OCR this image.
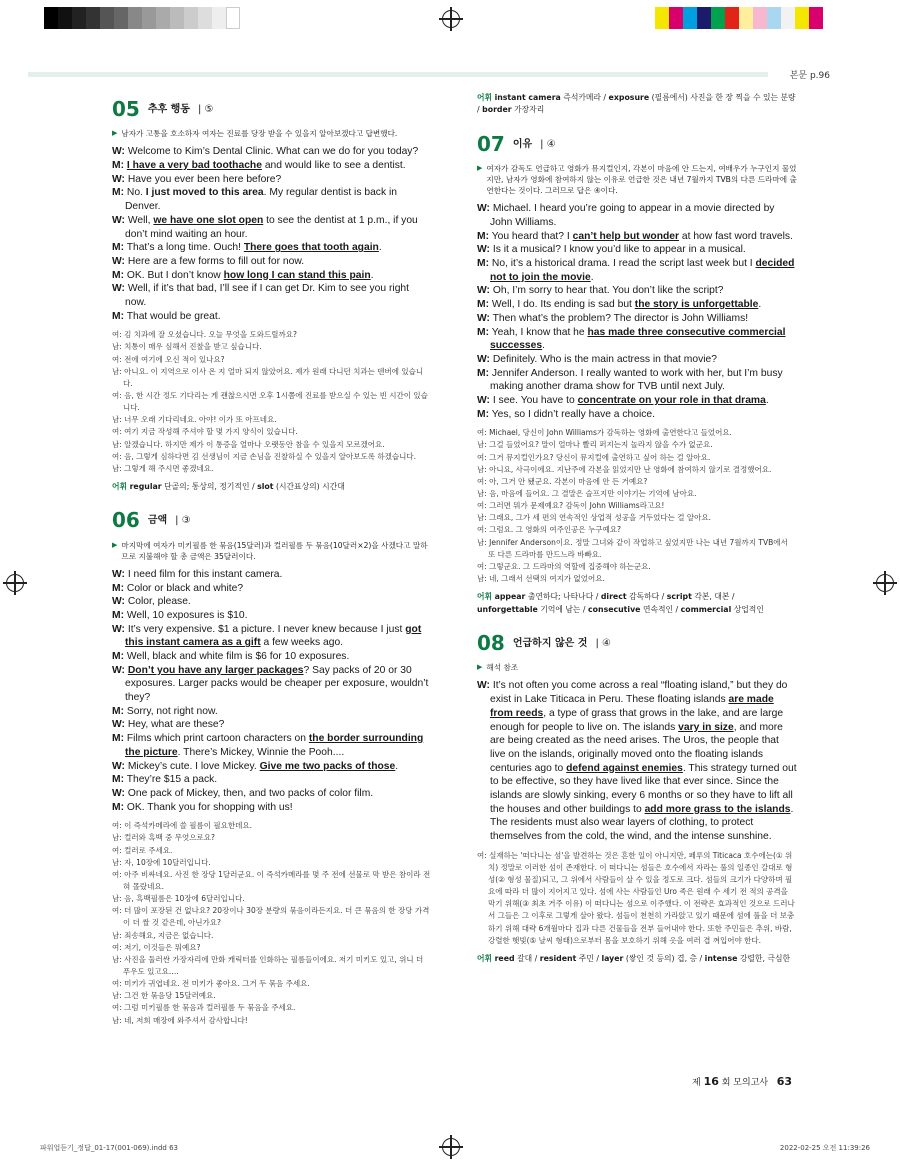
본문 p.96
05 추후 행동 | ⑤
▶ 남자가 고통을 호소하자 여자는 진료를 당장 받을 수 있을지 알아보겠다고 답변했다.

W: Welcome to Kim’s Dental Clinic. What can we do for you today?

M: I have a very bad toothache and would like to see a dentist.

W: Have you ever been here before?

M: No. I just moved to this area. My regular dentist is back in Denver.

W: Well, we have one slot open to see the dentist at 1 p.m., if you don’t mind waiting an hour.

M: That’s a long time. Ouch! There goes that tooth again.

W: Here are a few forms to fill out for now.

M: OK. But I don’t know how long I can stand this pain.

W: Well, if it’s that bad, I’ll see if I can get Dr. Kim to see you right now.

M: That would be great.

여: 김 치과에 잘 오셨습니다. 오늘 무엇을 도와드릴까요?

남: 치통이 매우 심해서 진찰을 받고 싶습니다.

여: 전에 여기에 오신 적이 있나요?

남: 아니요. 이 지역으로 이사 온 지 얼마 되지 않았어요. 제가 원래 다니던 치과는 덴버에 있습니다.

여: 음, 한 시간 정도 기다리는 게 괜찮으시면 오후 1시쯤에 진료를 받으실 수 있는 빈 시간이 있습니다.

남: 너무 오래 기다리네요. 아야! 이가 또 아프네요.

여: 여기 지금 작성해 주셔야 할 몇 가지 양식이 있습니다.

남: 알겠습니다. 하지만 제가 이 통증을 얼마나 오랫동안 참을 수 있을지 모르겠어요.

여: 음, 그렇게 심하다면 김 선생님이 지금 손님을 진찰하실 수 있을지 알아보도록 하겠습니다.

남: 그렇게 해 주시면 좋겠네요.

어휘 regular 단골의; 통상의, 정기적인 / slot (시간표상의) 시간대
06 금액 | ③
▶ 마지막에 여자가 미키필름 한 묶음(15달러)과 컬러필름 두 묶음(10달러×2)을 사겠다고 말하므로 지불해야 할 총 금액은 35달러이다.

W: I need film for this instant camera.

M: Color or black and white?

W: Color, please.

M: Well, 10 exposures is $10.

W: It’s very expensive. $1 a picture. I never knew because I just got this instant camera as a gift a few weeks ago.

M: Well, black and white film is $6 for 10 exposures.

W: Don’t you have any larger packages? Say packs of 20 or 30 exposures. Larger packs would be cheaper per exposure, wouldn’t they?

M: Sorry, not right now.

W: Hey, what are these?

M: Films which print cartoon characters on the border surrounding the picture. There’s Mickey, Winnie the Pooh....

W: Mickey’s cute. I love Mickey. Give me two packs of those.

M: They’re $15 a pack.

W: One pack of Mickey, then, and two packs of color film.

M: OK. Thank you for shopping with us!

여: 이 즉석카메라에 쓸 필름이 필요한데요.

남: 컬러와 흑백 중 무엇으로요?

여: 컬러로 주세요.

남: 자, 10장에 10달러입니다.

여: 아주 비싸네요. 사진 한 장당 1달러군요. 이 즉석카메라를 몇 주 전에 선물로 막 받은 참이라 전혀 몰랐네요.

남: 음, 흑백필름은 10장에 6달러입니다.

여: 더 많이 포장된 건 없나요? 20장이나 30장 분량의 묶음이라든지요. 더 큰 묶음의 한 장당 가격이 더 쌀 것 같은데, 아닌가요?

남: 죄송해요, 지금은 없습니다.

여: 저기, 이것들은 뭐예요?

남: 사진을 둘러싼 가장자리에 만화 캐릭터를 인화하는 필름들이에요. 저기 미키도 있고, 위니 더 푸우도 있고요….

여: 미키가 귀엽네요. 전 미키가 좋아요. 그거 두 묶음 주세요.

남: 그건 한 묶음당 15달러예요.

여: 그럼 미키필름 한 묶음과 컬러필름 두 묶음을 주세요.

남: 네, 저희 매장에 와주셔서 감사합니다!

어휘 instant camera 즉석카메라 / exposure (필름에서) 사진을 한 장 찍을 수 있는 분량 / border 가장자리
07 이유 | ④
▶ 여자가 감독도 언급하고 영화가 뮤지컬인지, 각본이 마음에 안 드는지, 여배우가 누구인지 물었지만, 남자가 영화에 참여하지 않는 이유로 언급한 것은 내년 7월까지 TVB의 다른 드라마에 출연한다는 것이다. 그러므로 답은 ④이다.

W: Michael. I heard you’re going to appear in a movie directed by John Williams.

M: You heard that? I can’t help but wonder at how fast word travels.

W: Is it a musical? I know you’d like to appear in a musical.

M: No, it’s a historical drama. I read the script last week but I decided not to join the movie.

W: Oh, I’m sorry to hear that. You don’t like the script?

M: Well, I do. Its ending is sad but the story is unforgettable.

W: Then what’s the problem? The director is John Williams!

M: Yeah, I know that he has made three consecutive commercial successes.

W: Definitely. Who is the main actress in that movie?

M: Jennifer Anderson. I really wanted to work with her, but I’m busy making another drama show for TVB until next July.

W: I see. You have to concentrate on your role in that drama.

M: Yes, so I didn’t really have a choice.

여: Michael, 당신이 John Williams가 감독하는 영화에 출연한다고 들었어요.

남: 그걸 들었어요? 말이 얼마나 빨리 퍼지는지 놀라지 않을 수가 없군요.

여: 그거 뮤지컬인가요? 당신이 뮤지컬에 출연하고 싶어 하는 걸 알아요.

남: 아니요, 사극이에요. 지난주에 각본을 읽었지만 난 영화에 참여하지 않기로 결정했어요.

여: 아, 그거 안 됐군요. 각본이 마음에 안 든 거예요?

남: 음, 마음에 들어요. 그 결말은 슬프지만 이야기는 기억에 남아요.

여: 그러면 뭐가 문제예요? 감독이 John Williams라고요!

남: 그래요, 그가 세 편의 연속적인 상업적 성공을 거두었다는 걸 알아요.

여: 그럼요. 그 영화의 여주인공은 누구예요?

남: Jennifer Anderson이요. 정말 그녀와 같이 작업하고 싶었지만 나는 내년 7월까지 TVB에서 또 다른 드라마를 만드느라 바빠요.

여: 그렇군요. 그 드라마의 역할에 집중해야 하는군요.

남: 네, 그래서 선택의 여지가 없었어요.

어휘 appear 출연하다; 나타나다 / direct 감독하다 / script 각본, 대본 / unforgettable 기억에 남는 / consecutive 연속적인 / commercial 상업적인
08 언급하지 않은 것 | ④
▶ 해석 참조

W: It’s not often you come across a real “floating island,” but they do exist in Lake Titicaca in Peru. These floating islands are made from reeds, a type of grass that grows in the lake, and are large enough for people to live on. The islands vary in size, and more are being created as the need arises. The Uros, the people that live on the islands, originally moved onto the floating islands centuries ago to defend against enemies. This strategy turned out to be effective, so they have lived like that ever since. Since the islands are slowly sinking, every 6 months or so they have to lift all the houses and other buildings to add more grass to the islands. The residents must also wear layers of clothing, to protect themselves from the cold, the wind, and the intense sunshine.

여: 실재하는 '떠다니는 섬'을 발견하는 것은 흔한 일이 아니지만, 페루의 Titicaca 호수에는(① 위치) 정말로 이러한 섬이 존재한다. 이 떠다니는 섬들은 호수에서 자라는 풀의 일종인 갈대로 형성(② 형성 물질)되고, 그 위에서 사람들이 살 수 있을 정도로 크다. 섬들의 크기가 다양하며 필요에 따라 더 많이 지어지고 있다. 섬에 사는 사람들인 Uro 족은 원래 수 세기 전 적의 공격을 막기 위해(③ 최초 거주 이유) 이 떠다니는 섬으로 이주했다. 이 전략은 효과적인 것으로 드러나서 그들은 그 이후로 그렇게 살아 왔다. 섬들이 천천히 가라앉고 있기 때문에 섬에 풀을 더 보충하기 위해 대략 6개월마다 집과 다른 건물들을 전부 들어내야 한다. 또한 주민들은 추위, 바람, 강렬한 햇빛(⑤ 날씨 형태)으로부터 몸을 보호하기 위해 옷을 여러 겹 껴입어야 한다.

어휘 reed 갈대 / resident 주민 / layer (쌓인 것 등의) 겹, 층 / intense 강렬한, 극심한
제 16 회 모의고사 63
파워업듣기_정답_01-17(001-069).indd 63	2022-02-25 오전 11:39:26
